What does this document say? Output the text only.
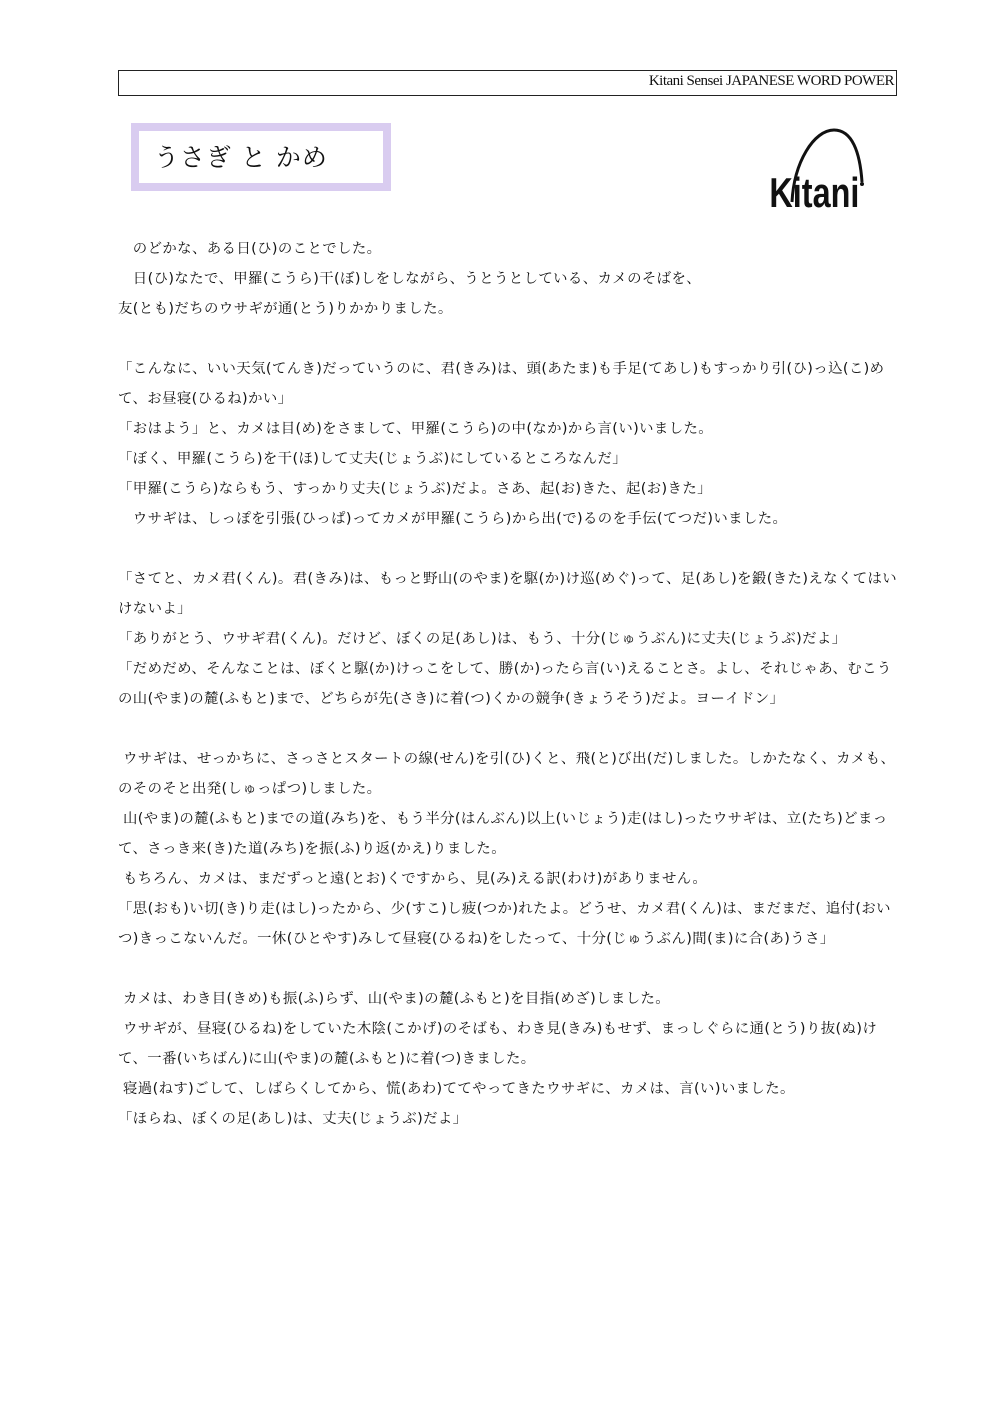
Kitani Sensei JAPANESE WORD POWER
うさぎ と かめ
Kitani
　のどかな、ある日(ひ)のことでした。
　日(ひ)なたで、甲羅(こうら)干(ぼ)しをしながら、うとうとしている、カメのそばを、
友(とも)だちのウサギが通(とう)りかかりました。
「こんなに、いい天気(てんき)だっていうのに、君(きみ)は、頭(あたま)も手足(てあし)もすっかり引(ひ)っ込(こ)めて、お昼寝(ひるね)かい」
「おはよう」と、カメは目(め)をさまして、甲羅(こうら)の中(なか)から言(い)いました。
「ぼく、甲羅(こうら)を干(ほ)して丈夫(じょうぶ)にしているところなんだ」
「甲羅(こうら)ならもう、すっかり丈夫(じょうぶ)だよ。さあ、起(お)きた、起(お)きた」
　ウサギは、しっぽを引張(ひっぱ)ってカメが甲羅(こうら)から出(で)るのを手伝(てつだ)いました。
「さてと、カメ君(くん)。君(きみ)は、もっと野山(のやま)を駆(か)け巡(めぐ)って、足(あし)を鍛(きた)えなくてはいけないよ」
「ありがとう、ウサギ君(くん)。だけど、ぼくの足(あし)は、もう、十分(じゅうぶん)に丈夫(じょうぶ)だよ」
「だめだめ、そんなことは、ぼくと駆(か)けっこをして、勝(か)ったら言(い)えることさ。よし、それじゃあ、むこうの山(やま)の麓(ふもと)まで、どちらが先(さき)に着(つ)くかの競争(きょうそう)だよ。ヨーイドン」
ウサギは、せっかちに、さっさとスタートの線(せん)を引(ひ)くと、飛(と)び出(だ)しました。しかたなく、カメも、のそのそと出発(しゅっぱつ)しました。
山(やま)の麓(ふもと)までの道(みち)を、もう半分(はんぶん)以上(いじょう)走(はし)ったウサギは、立(たち)どまって、さっき来(き)た道(みち)を振(ふ)り返(かえ)りました。
もちろん、カメは、まだずっと遠(とお)くですから、見(み)える訳(わけ)がありません。
「思(おも)い切(き)り走(はし)ったから、少(すこ)し疲(つか)れたよ。どうせ、カメ君(くん)は、まだまだ、追付(おいつ)きっこないんだ。一休(ひとやす)みして昼寝(ひるね)をしたって、十分(じゅうぶん)間(ま)に合(あ)うさ」
カメは、わき目(きめ)も振(ふ)らず、山(やま)の麓(ふもと)を目指(めざ)しました。
ウサギが、昼寝(ひるね)をしていた木陰(こかげ)のそばも、わき見(きみ)もせず、まっしぐらに通(とう)り抜(ぬ)けて、一番(いちばん)に山(やま)の麓(ふもと)に着(つ)きました。
寝過(ねす)ごして、しばらくしてから、慌(あわ)ててやってきたウサギに、カメは、言(い)いました。
「ほらね、ぼくの足(あし)は、丈夫(じょうぶ)だよ」
